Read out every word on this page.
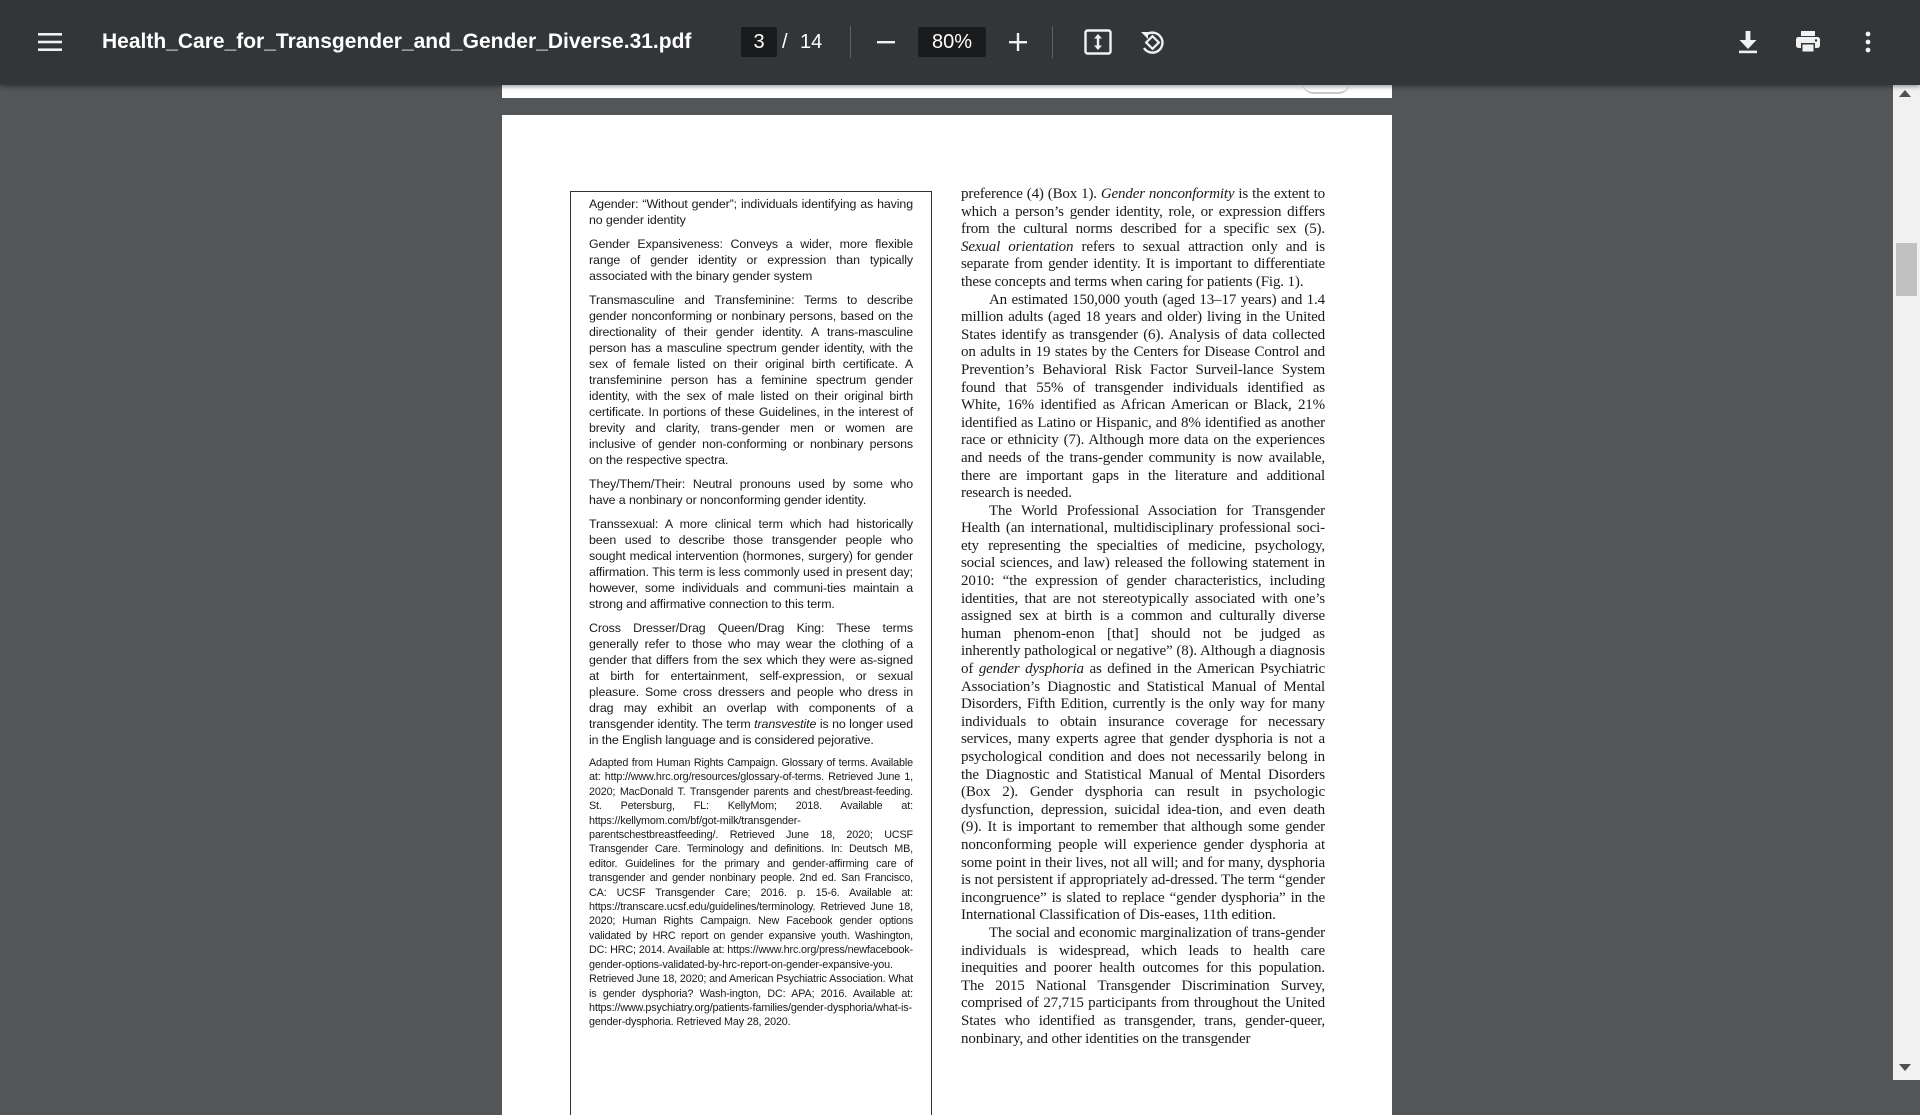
Health_Care_for_Transgender_and_Gender_Diverse.31.pdf	3 / 14	80%
Agender: “Without gender”; individuals identifying as having no gender identity
Gender Expansiveness: Conveys a wider, more flexible range of gender identity or expression than typically associated with the binary gender system
Transmasculine and Transfeminine: Terms to describe gender nonconforming or nonbinary persons, based on the directionality of their gender identity. A trans-masculine person has a masculine spectrum gender identity, with the sex of female listed on their original birth certificate. A transfeminine person has a feminine spectrum gender identity, with the sex of male listed on their original birth certificate. In portions of these Guidelines, in the interest of brevity and clarity, trans-gender men or women are inclusive of gender non-conforming or nonbinary persons on the respective spectra.
They/Them/Their: Neutral pronouns used by some who have a nonbinary or nonconforming gender identity.
Transsexual: A more clinical term which had historically been used to describe those transgender people who sought medical intervention (hormones, surgery) for gender affirmation. This term is less commonly used in present day; however, some individuals and communi-ties maintain a strong and affirmative connection to this term.
Cross Dresser/Drag Queen/Drag King: These terms generally refer to those who may wear the clothing of a gender that differs from the sex which they were as-signed at birth for entertainment, self-expression, or sexual pleasure. Some cross dressers and people who dress in drag may exhibit an overlap with components of a transgender identity. The term transvestite is no longer used in the English language and is considered pejorative.
Adapted from Human Rights Campaign. Glossary of terms. Available at: http://www.hrc.org/resources/glossary-of-terms. Retrieved June 1, 2020; MacDonald T. Transgender parents and chest/breast-feeding. St. Petersburg, FL: KellyMom; 2018. Available at: https://kellymom.com/bf/got-milk/transgender-parentschestbreastfeeding/. Retrieved June 18, 2020; UCSF Transgender Care. Terminology and definitions. In: Deutsch MB, editor. Guidelines for the primary and gender-affirming care of transgender and gender nonbinary people. 2nd ed. San Francisco, CA: UCSF Transgender Care; 2016. p. 15-6. Available at: https://transcare.ucsf.edu/guidelines/terminology. Retrieved June 18, 2020; Human Rights Campaign. New Facebook gender options validated by HRC report on gender expansive youth. Washington, DC: HRC; 2014. Available at: https://www.hrc.org/press/newfacebook-gender-options-validated-by-hrc-report-on-gender-expansive-you. Retrieved June 18, 2020; and American Psychiatric Association. What is gender dysphoria? Wash-ington, DC: APA; 2016. Available at: https://www.psychiatry.org/patients-families/gender-dysphoria/what-is-gender-dysphoria. Retrieved May 28, 2020.

preference (4) (Box 1). Gender nonconformity is the extent to which a person’s gender identity, role, or expression differs from the cultural norms described for a specific sex (5). Sexual orientation refers to sexual attraction only and is separate from gender identity. It is important to differentiate these concepts and terms when caring for patients (Fig. 1).

An estimated 150,000 youth (aged 13–17 years) and 1.4 million adults (aged 18 years and older) living in the United States identify as transgender (6). Analysis of data collected on adults in 19 states by the Centers for Disease Control and Prevention’s Behavioral Risk Factor Surveil-lance System found that 55% of transgender individuals identified as White, 16% identified as African American or Black, 21% identified as Latino or Hispanic, and 8% identified as another race or ethnicity (7). Although more data on the experiences and needs of the trans-gender community is now available, there are important gaps in the literature and additional research is needed.

The World Professional Association for Transgender Health (an international, multidisciplinary professional soci-ety representing the specialties of medicine, psychology, social sciences, and law) released the following statement in 2010: “the expression of gender characteristics, including identities, that are not stereotypically associated with one’s assigned sex at birth is a common and culturally diverse human phenom-enon [that] should not be judged as inherently pathological or negative” (8). Although a diagnosis of gender dysphoria as defined in the American Psychiatric Association’s Diagnostic and Statistical Manual of Mental Disorders, Fifth Edition, currently is the only way for many individuals to obtain insurance coverage for necessary services, many experts agree that gender dysphoria is not a psychological condition and does not necessarily belong in the Diagnostic and Statistical Manual of Mental Disorders (Box 2). Gender dysphoria can result in psychologic dysfunction, depression, suicidal idea-tion, and even death (9). It is important to remember that although some gender nonconforming people will experience gender dysphoria at some point in their lives, not all will; and for many, dysphoria is not persistent if appropriately ad-dressed. The term “gender incongruence” is slated to replace “gender dysphoria” in the International Classification of Dis-eases, 11th edition.

The social and economic marginalization of trans-gender individuals is widespread, which leads to health care inequities and poorer health outcomes for this population. The 2015 National Transgender Discrimination Survey, comprised of 27,715 participants from throughout the United States who identified as transgender, trans, gender-queer, nonbinary, and other identities on the transgender
